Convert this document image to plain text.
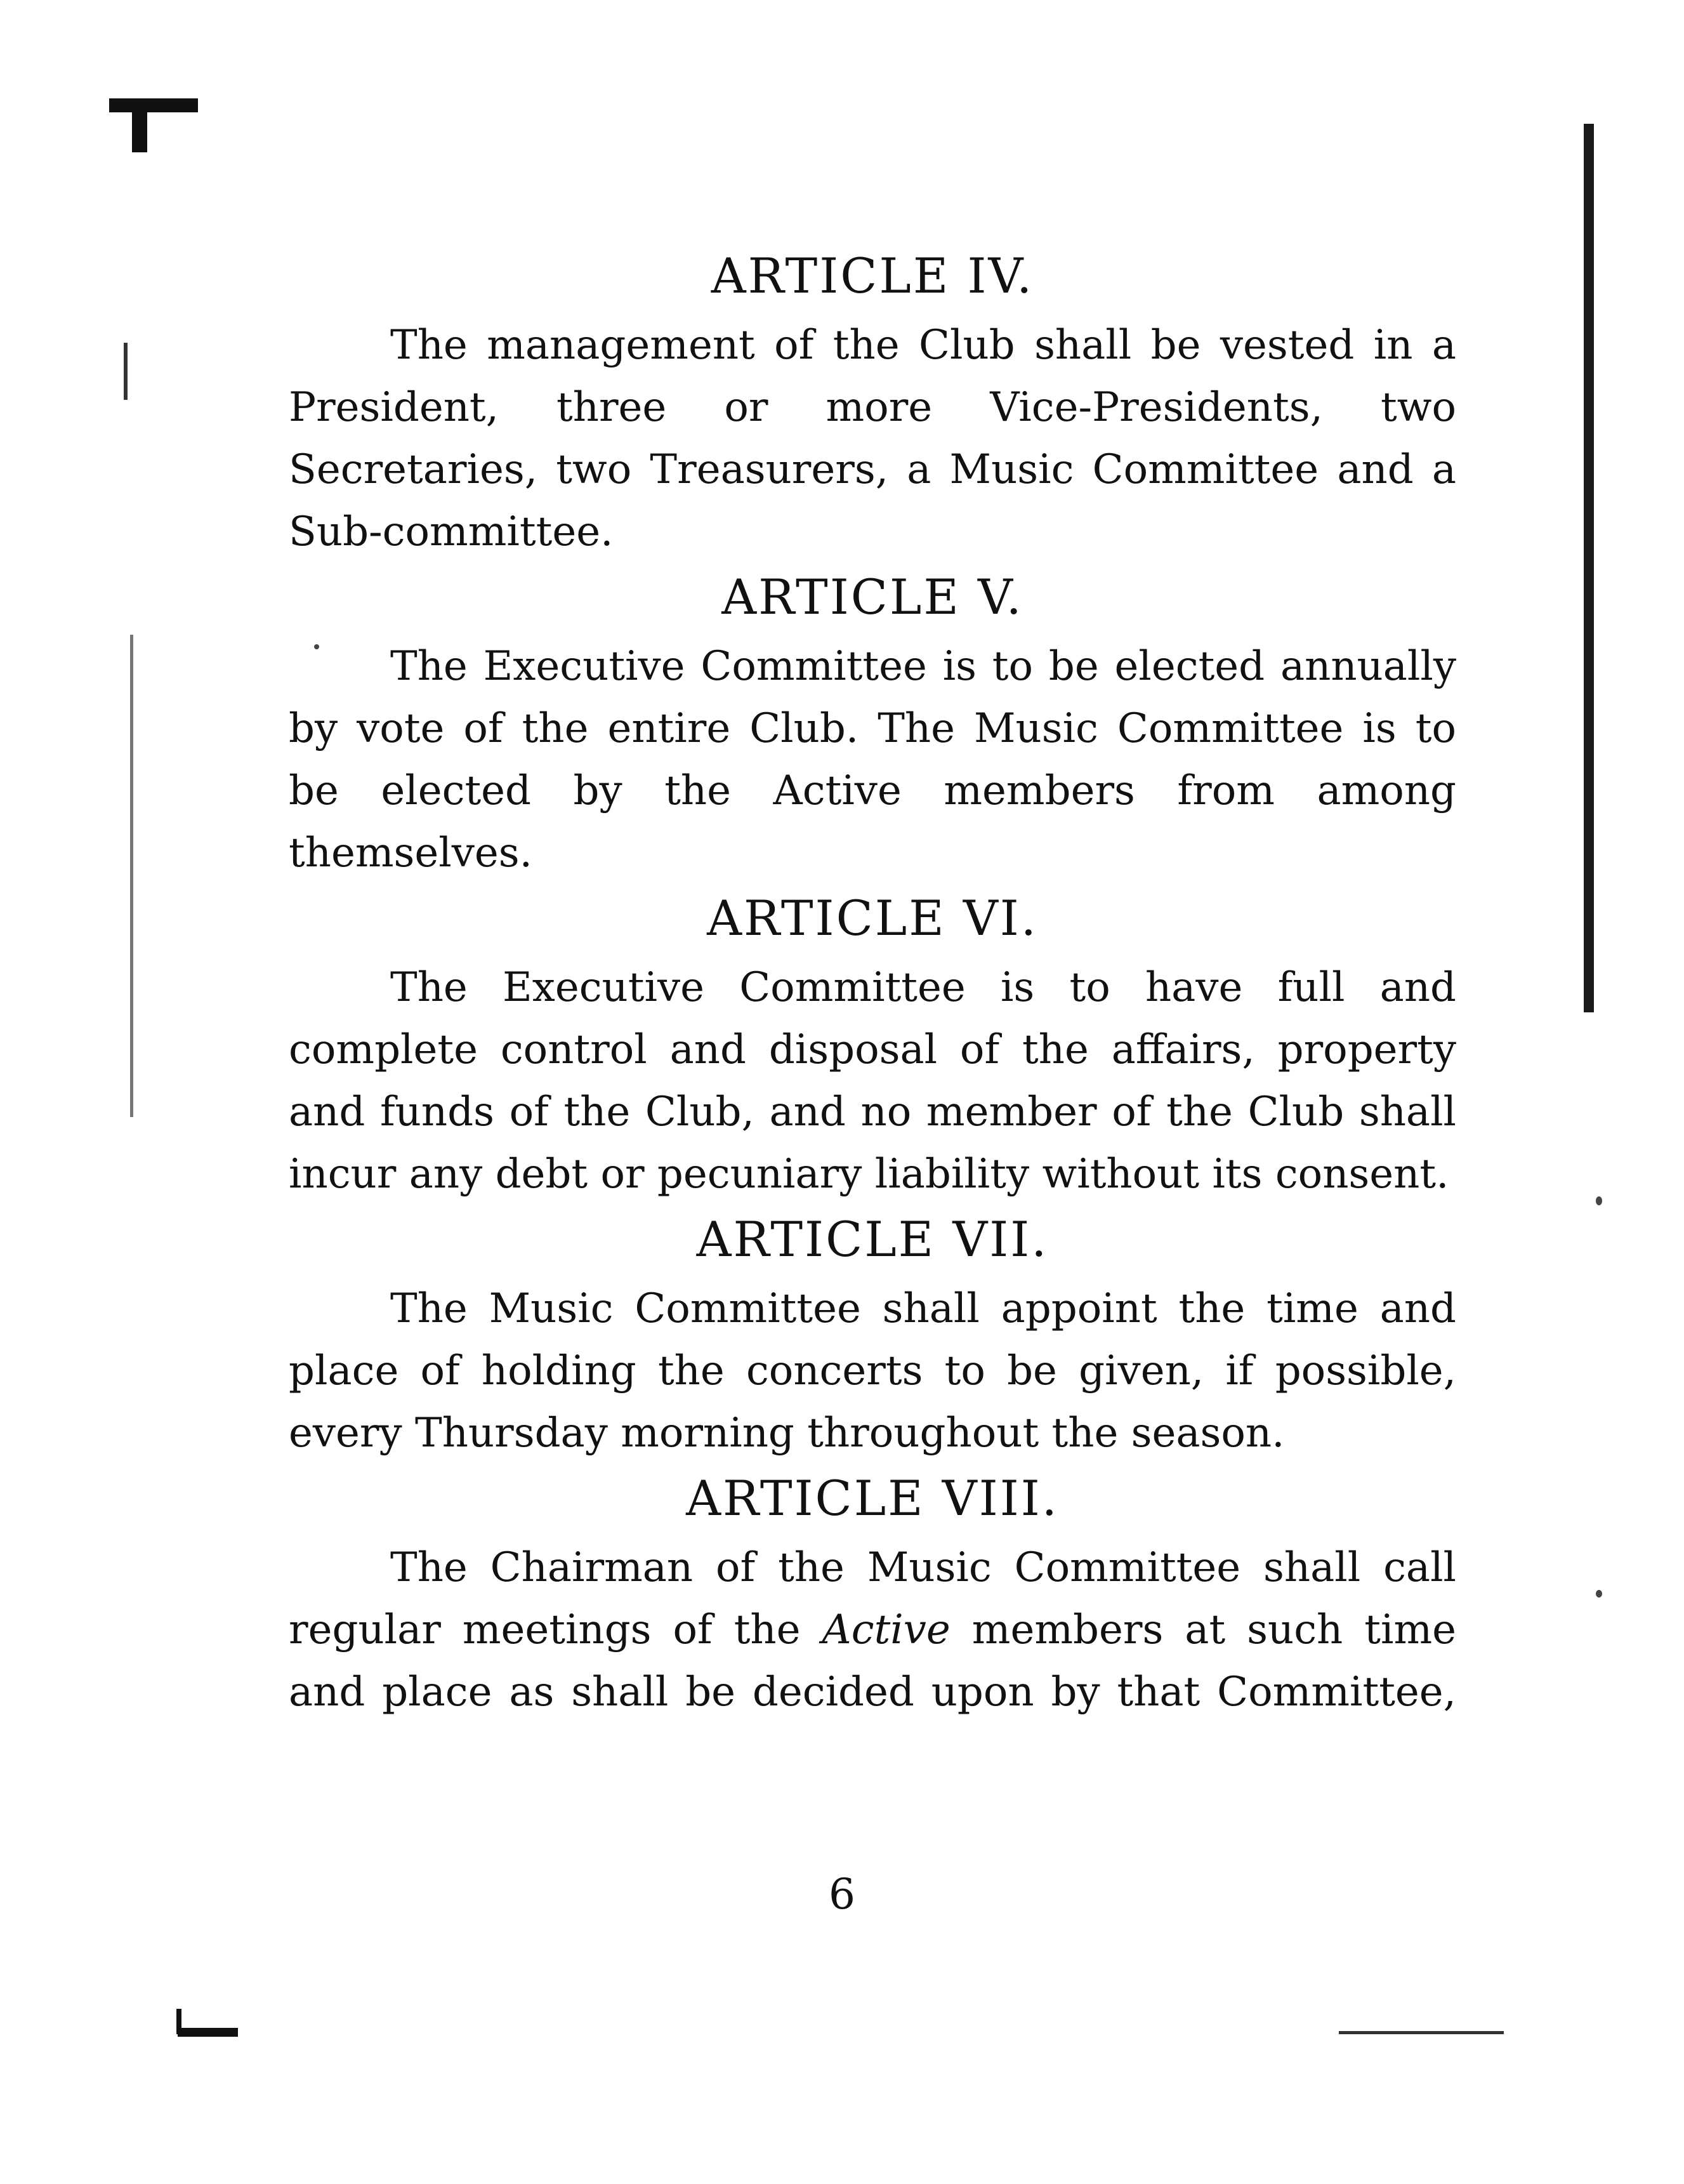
ARTICLE IV.

The management of the Club shall be vested in a President, three or more Vice-Presidents, two Secretaries, two Treasurers, a Music Committee and a Sub-committee.

ARTICLE V.

The Executive Committee is to be elected annually by vote of the entire Club. The Music Committee is to be elected by the Active members from among themselves.

ARTICLE VI.

The Executive Committee is to have full and complete control and disposal of the affairs, property and funds of the Club, and no member of the Club shall incur any debt or pecuniary liability without its consent.

ARTICLE VII.

The Music Committee shall appoint the time and place of holding the concerts to be given, if possible, every Thursday morning throughout the season.

ARTICLE VIII.

The Chairman of the Music Committee shall call regular meetings of the Active members at such time and place as shall be decided upon by that Committee,

6
